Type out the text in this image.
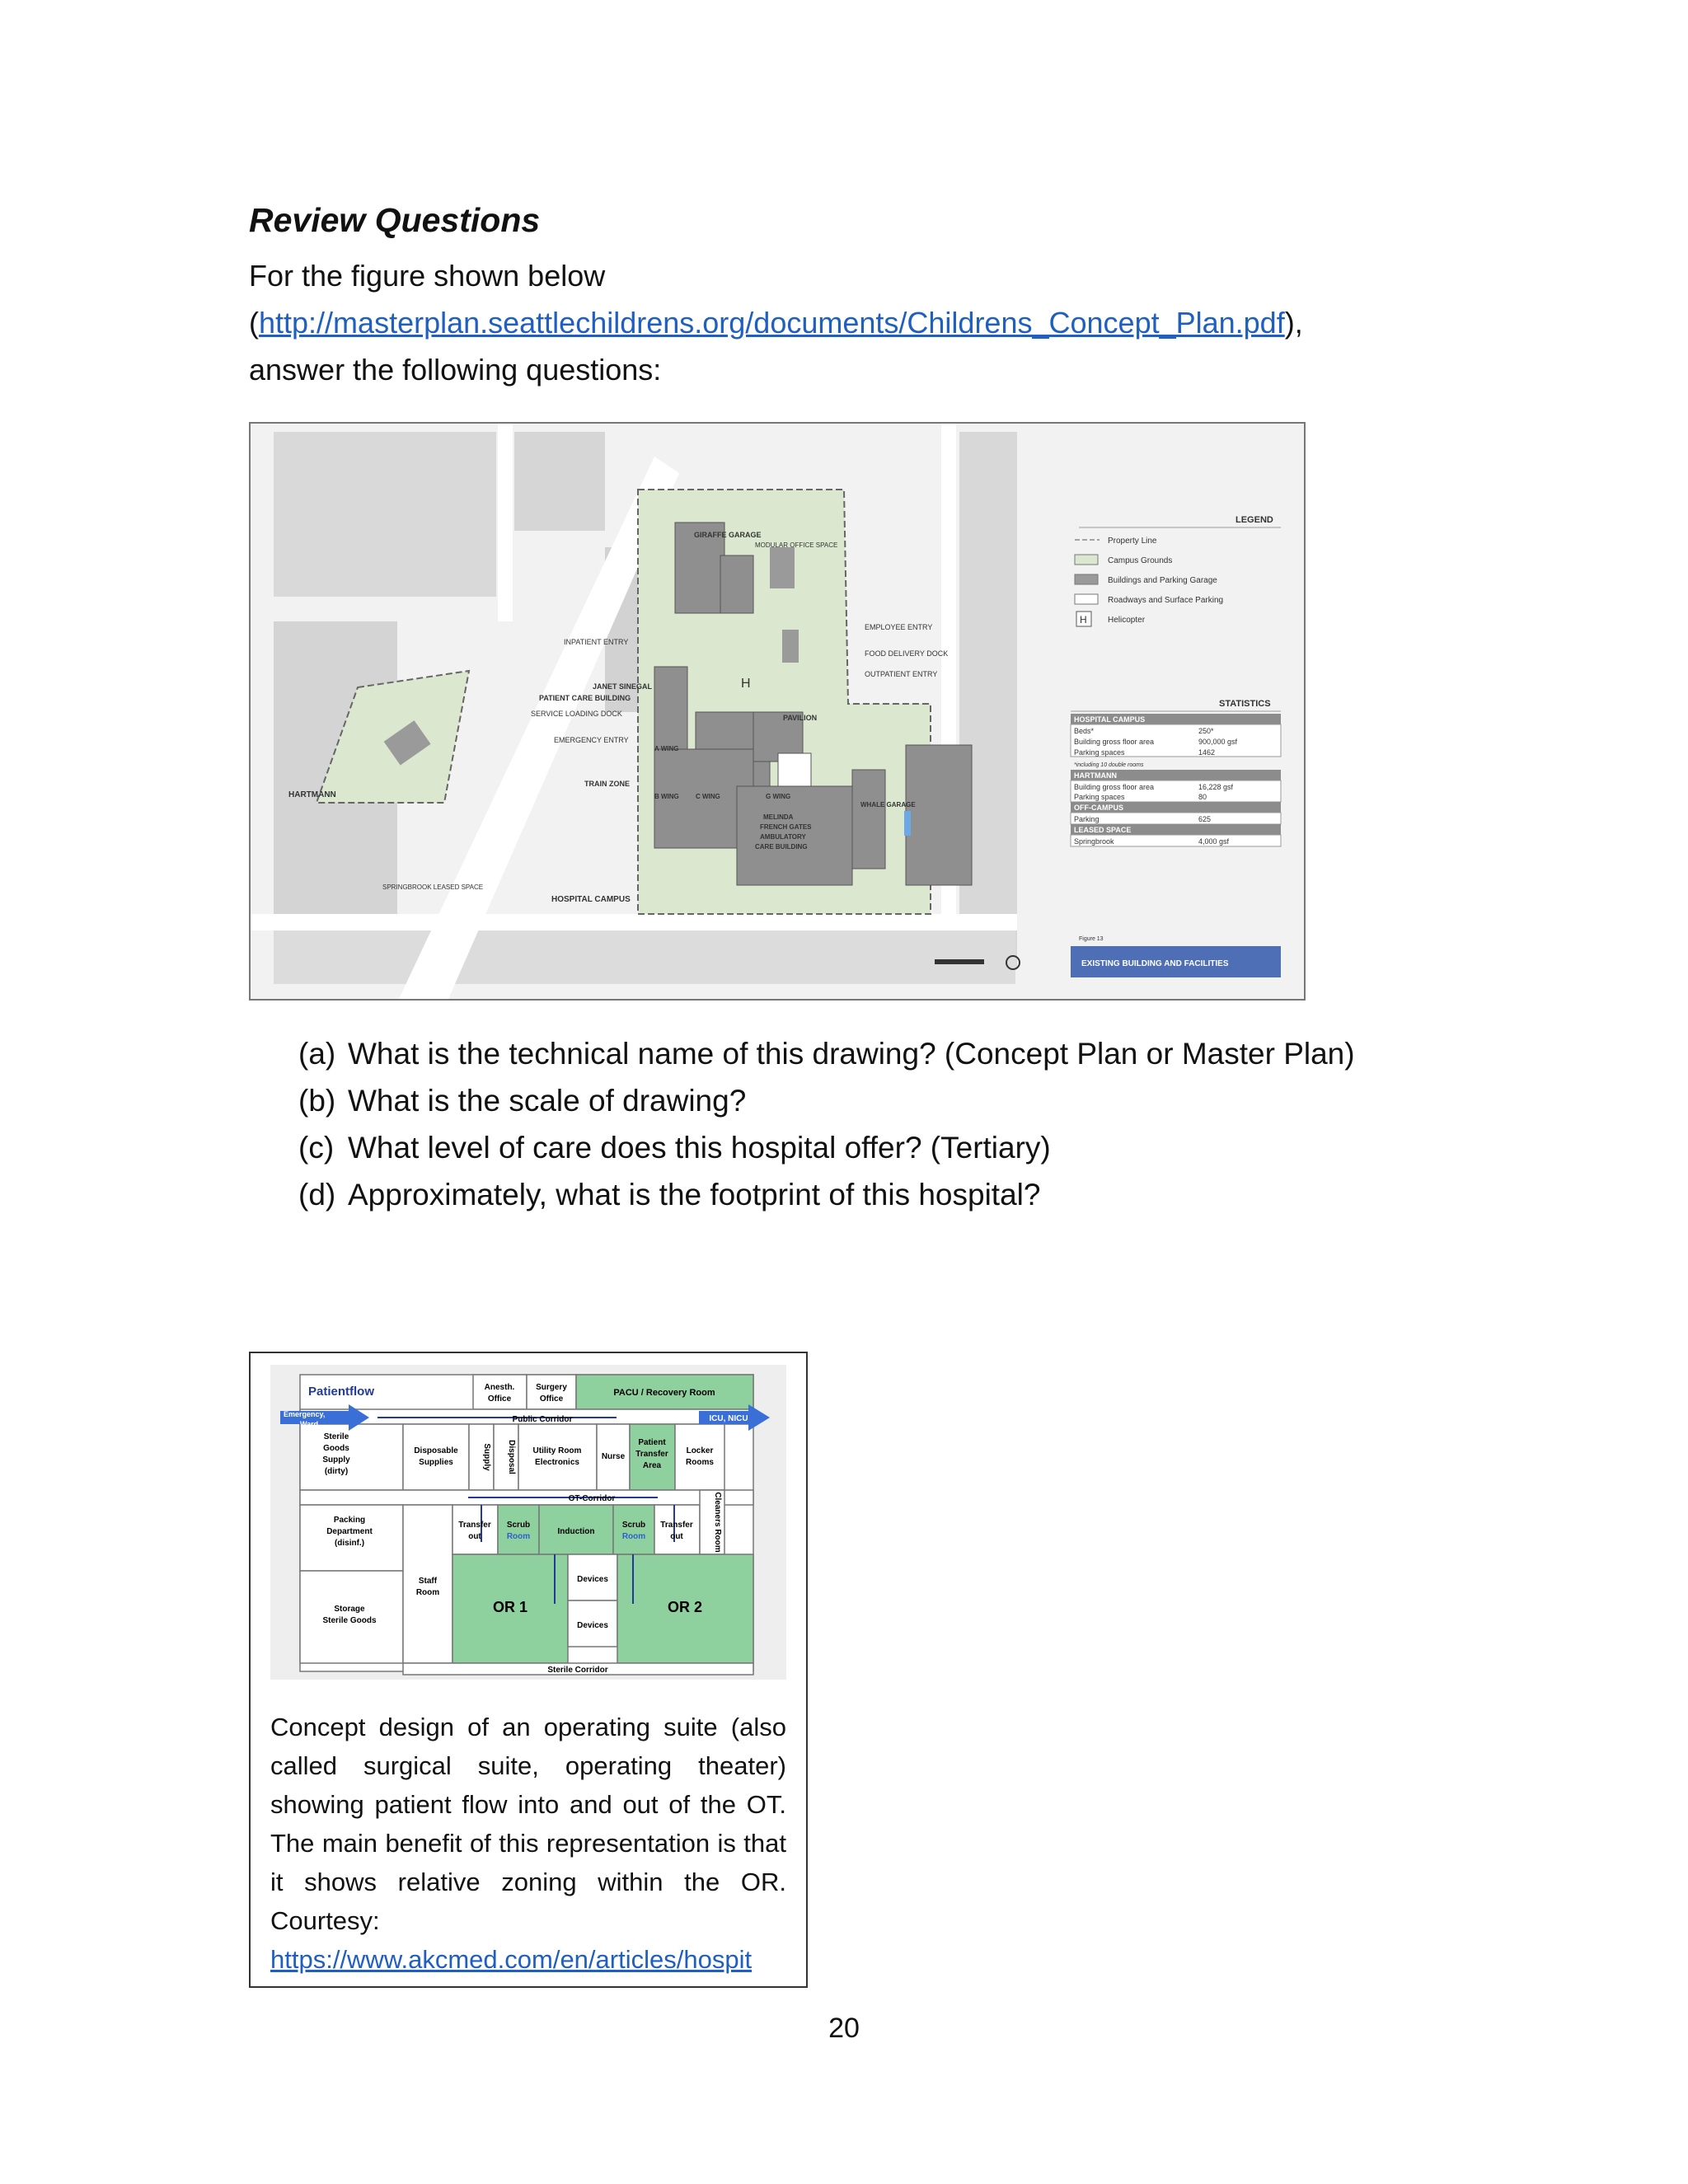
Review Questions
For the figure shown below
(http://masterplan.seattlechildrens.org/documents/Childrens_Concept_Plan.pdf),
answer the following questions:
GIRAFFE GARAGE
MODULAR OFFICE SPACE
INPATIENT ENTRY
JANET SINEGAL
PATIENT CARE BUILDING
SERVICE LOADING DOCK
EMERGENCY ENTRY
TRAIN ZONE
HARTMANN
SPRINGBROOK LEASED SPACE
HOSPITAL CAMPUS
EMPLOYEE ENTRY
FOOD DELIVERY DOCK
OUTPATIENT ENTRY
PAVILION
A WING
B WING	C WING	G WING
MELINDA
FRENCH GATES
AMBULATORY
CARE BUILDING
WHALE GARAGE
H
LEGEND
H
Property Line
Campus Grounds
Buildings and Parking Garage
Roadways and Surface Parking
Helicopter
STATISTICS
HOSPITAL CAMPUS
Beds*	250*
Building gross floor area	900,000 gsf
Parking spaces	1462
*including 10 double rooms
HARTMANN
Building gross floor area	16,228 gsf
Parking spaces	80
OFF-CAMPUS
Parking	625
LEASED SPACE
Springbrook	4,000 gsf
Figure 13
EXISTING BUILDING AND FACILITIES
(a) What is the technical name of this drawing? (Concept Plan or Master Plan)
(b) What is the scale of drawing?
(c) What level of care does this hospital offer? (Tertiary)
(d) Approximately, what is the footprint of this hospital?
Patientflow	Anesth.
Office
Surgery
Office
PACU / Recovery Room
Emergency,
Ward	Public Corridor	ICU, NICU
Sterile
Goods
Supply
(dirty)
Disposable
Supplies	Supply Disposal Utility Room
Electronics
Nurse
Patient
Transfer
Area
Locker
Rooms
OT-Corridor
Packing
Department
(disinf.)
Transfer
out
Scrub
Room
Induction
Scrub
Room
Transfer
out	Cleaners Room
Staff
Room
Devices
Devices
Storage
Sterile Goods
OR 1	OR 2
Sterile Corridor
Concept design of an operating suite (also called surgical suite, operating theater) showing patient flow into and out of the OT. The main benefit of this representation is that it shows relative zoning within the OR. Courtesy:
https://www.akcmed.com/en/articles/hospit
20
